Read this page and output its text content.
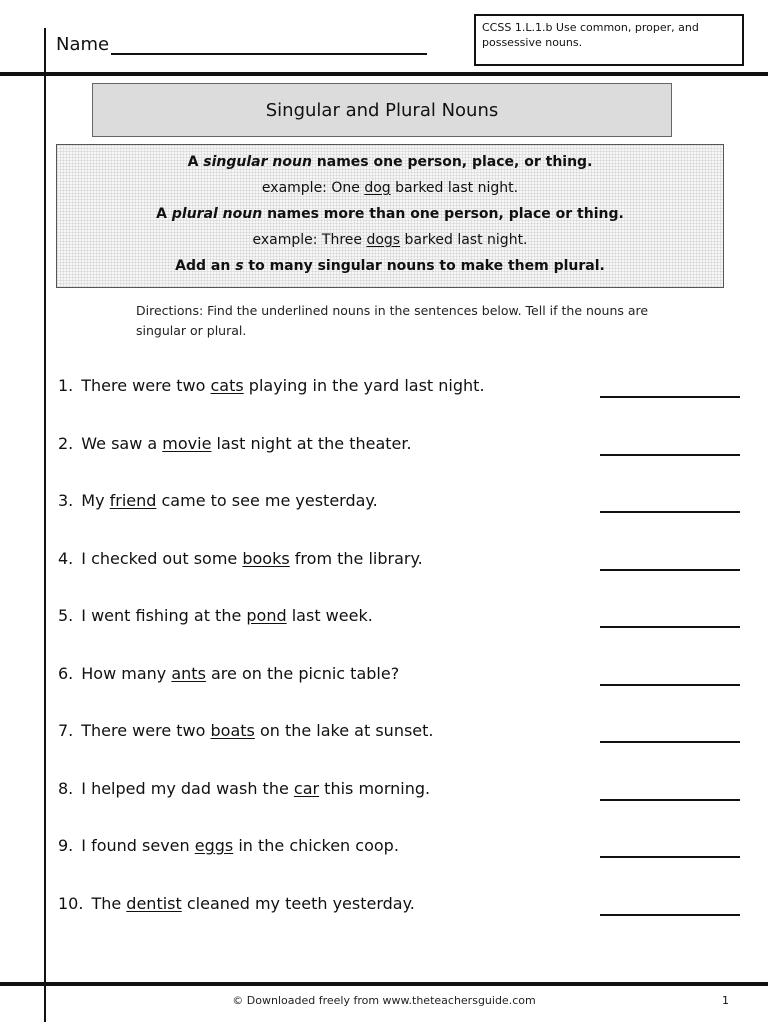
Name
CCSS 1.L.1.b Use common, proper, and possessive nouns.
Singular and Plural Nouns
A singular noun names one person, place, or thing.
example: One dog barked last night.
A plural noun names more than one person, place or thing.
example: Three dogs barked last night.
Add an s to many singular nouns to make them plural.
Directions: Find the underlined nouns in the sentences below. Tell if the nouns are singular or plural.
1. There were two cats playing in the yard last night.
2. We saw a movie last night at the theater.
3. My friend came to see me yesterday.
4. I checked out some books from the library.
5. I went fishing at the pond last week.
6. How many ants are on the picnic table?
7. There were two boats on the lake at sunset.
8. I helped my dad wash the car this morning.
9. I found seven eggs in the chicken coop.
10. The dentist cleaned my teeth yesterday.
© Downloaded freely from www.theteachersguide.com	1
